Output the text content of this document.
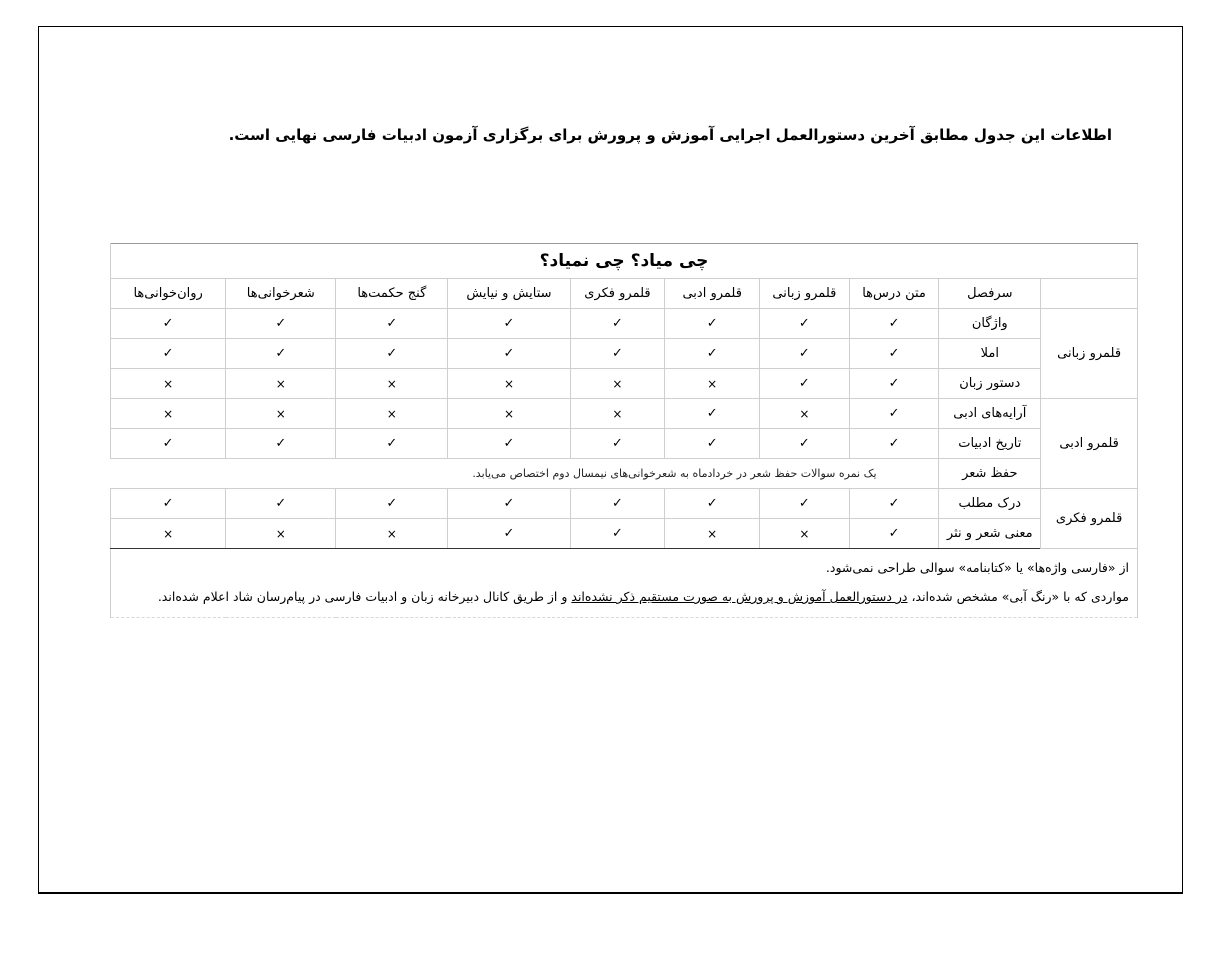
اطلاعات این جدول مطابق آخرین دستورالعمل اجرایی آموزش و پرورش برای برگزاری آزمون ادبیات فارسی نهایی است.
چی میاد؟ چی نمیاد؟									
	سرفصل	متن درس‌ها	قلمرو زبانی	قلمرو ادبی	قلمرو فکری	ستایش و نیایش	گنج حکمت‌ها	شعرخوانی‌ها	روان‌خوانی‌ها
قلمرو زبانی	واژگان	✓	✓	✓	✓	✓	✓	✓	✓
	املا	✓	✓	✓	✓	✓	✓	✓	✓
	دستور زبان	✓	✓	×	×	×	×	×	×
قلمرو ادبی	آرایه‌های ادبی	✓	×	✓	×	×	×	×	×
	تاریخ ادبیات	✓	✓	✓	✓	✓	✓	✓	✓
	حفظ شعر	یک نمره سوالات حفظ شعر در خردادماه به شعرخوانی‌های نیمسال دوم اختصاص می‌یابد.							
قلمرو فکری	درک مطلب	✓	✓	✓	✓	✓	✓	✓	✓
	معنی شعر و نثر	✓	×	×	✓	✓	×	×	×

از «فارسی واژه‌ها» یا «کتابنامه» سوالی طراحی نمی‌شود.
مواردی که با «رنگ آبی» مشخص شده‌اند، در دستورالعمل آموزش و پرورش به صورت مستقیم ذکر نشده‌اند و از طریق کانال دبیرخانه زبان و ادبیات فارسی در پیام‌رسان شاد اعلام شده‌اند.									
